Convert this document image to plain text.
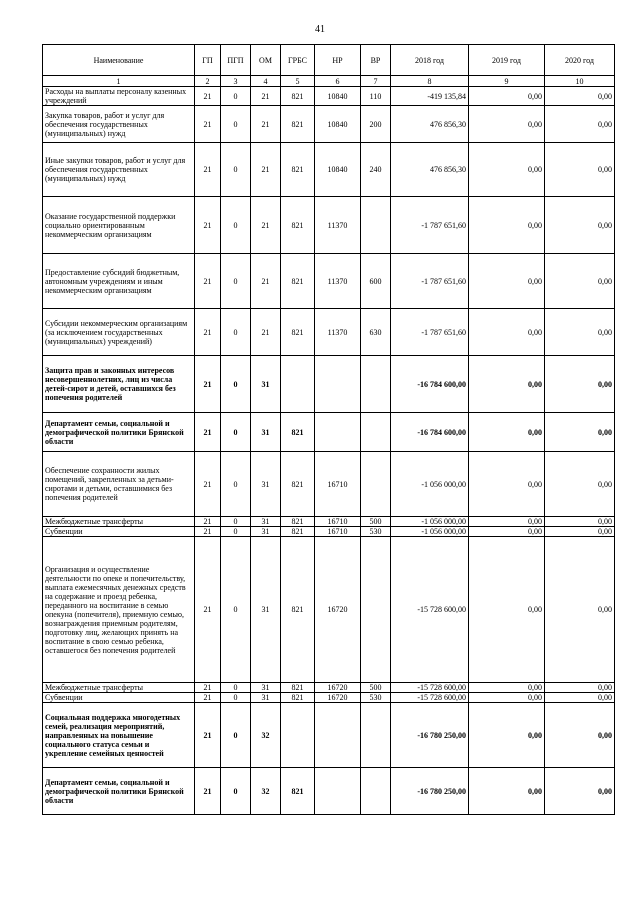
41
Наименование	ГП	ПГП	ОМ	ГРБС	НР	ВР	2018 год	2019 год	2020 год
1	2	3	4	5	6	7	8	9	10
Расходы на выплаты персоналу казенных учреждений	21	0	21	821	10840	110	-419 135,84	0,00	0,00
Закупка товаров, работ и услуг для обеспечения государственных (муниципальных) нужд	21	0	21	821	10840	200	476 856,30	0,00	0,00
Иные закупки товаров, работ и услуг для обеспечения государственных (муниципальных) нужд	21	0	21	821	10840	240	476 856,30	0,00	0,00
Оказание государственной поддержки социально ориентированным некоммерческим организациям	21	0	21	821	11370		-1 787 651,60	0,00	0,00
Предоставление субсидий бюджетным, автономным учреждениям и иным некоммерческим организациям	21	0	21	821	11370	600	-1 787 651,60	0,00	0,00
Субсидии некоммерческим организациям (за исключением государственных (муниципальных) учреждений)	21	0	21	821	11370	630	-1 787 651,60	0,00	0,00
Защита прав и законных интересов несовершеннолетних, лиц из числа детей-сирот и детей, оставшихся без попечения родителей	21	0	31				-16 784 600,00	0,00	0,00
Департамент семьи, социальной и демографической политики Брянской области	21	0	31	821			-16 784 600,00	0,00	0,00
Обеспечение сохранности жилых помещений, закрепленных за детьми-сиротами и детьми, оставшимися без попечения родителей	21	0	31	821	16710		-1 056 000,00	0,00	0,00
Межбюджетные трансферты	21	0	31	821	16710	500	-1 056 000,00	0,00	0,00
Субвенции	21	0	31	821	16710	530	-1 056 000,00	0,00	0,00
Организация и осуществление деятельности по опеке и попечительству, выплата ежемесячных денежных средств на содержание и проезд ребенка, переданного на воспитание в семью опекуна (попечителя), приемную семью, вознаграждения приемным родителям, подготовку лиц, желающих принять на воспитание в свою семью ребенка, оставшегося без попечения родителей	21	0	31	821	16720		-15 728 600,00	0,00	0,00
Межбюджетные трансферты	21	0	31	821	16720	500	-15 728 600,00	0,00	0,00
Субвенции	21	0	31	821	16720	530	-15 728 600,00	0,00	0,00
Социальная поддержка многодетных семей, реализация мероприятий, направленных на повышение социального статуса семьи и укрепление семейных ценностей	21	0	32				-16 780 250,00	0,00	0,00
Департамент семьи, социальной и демографической политики Брянской области	21	0	32	821			-16 780 250,00	0,00	0,00
